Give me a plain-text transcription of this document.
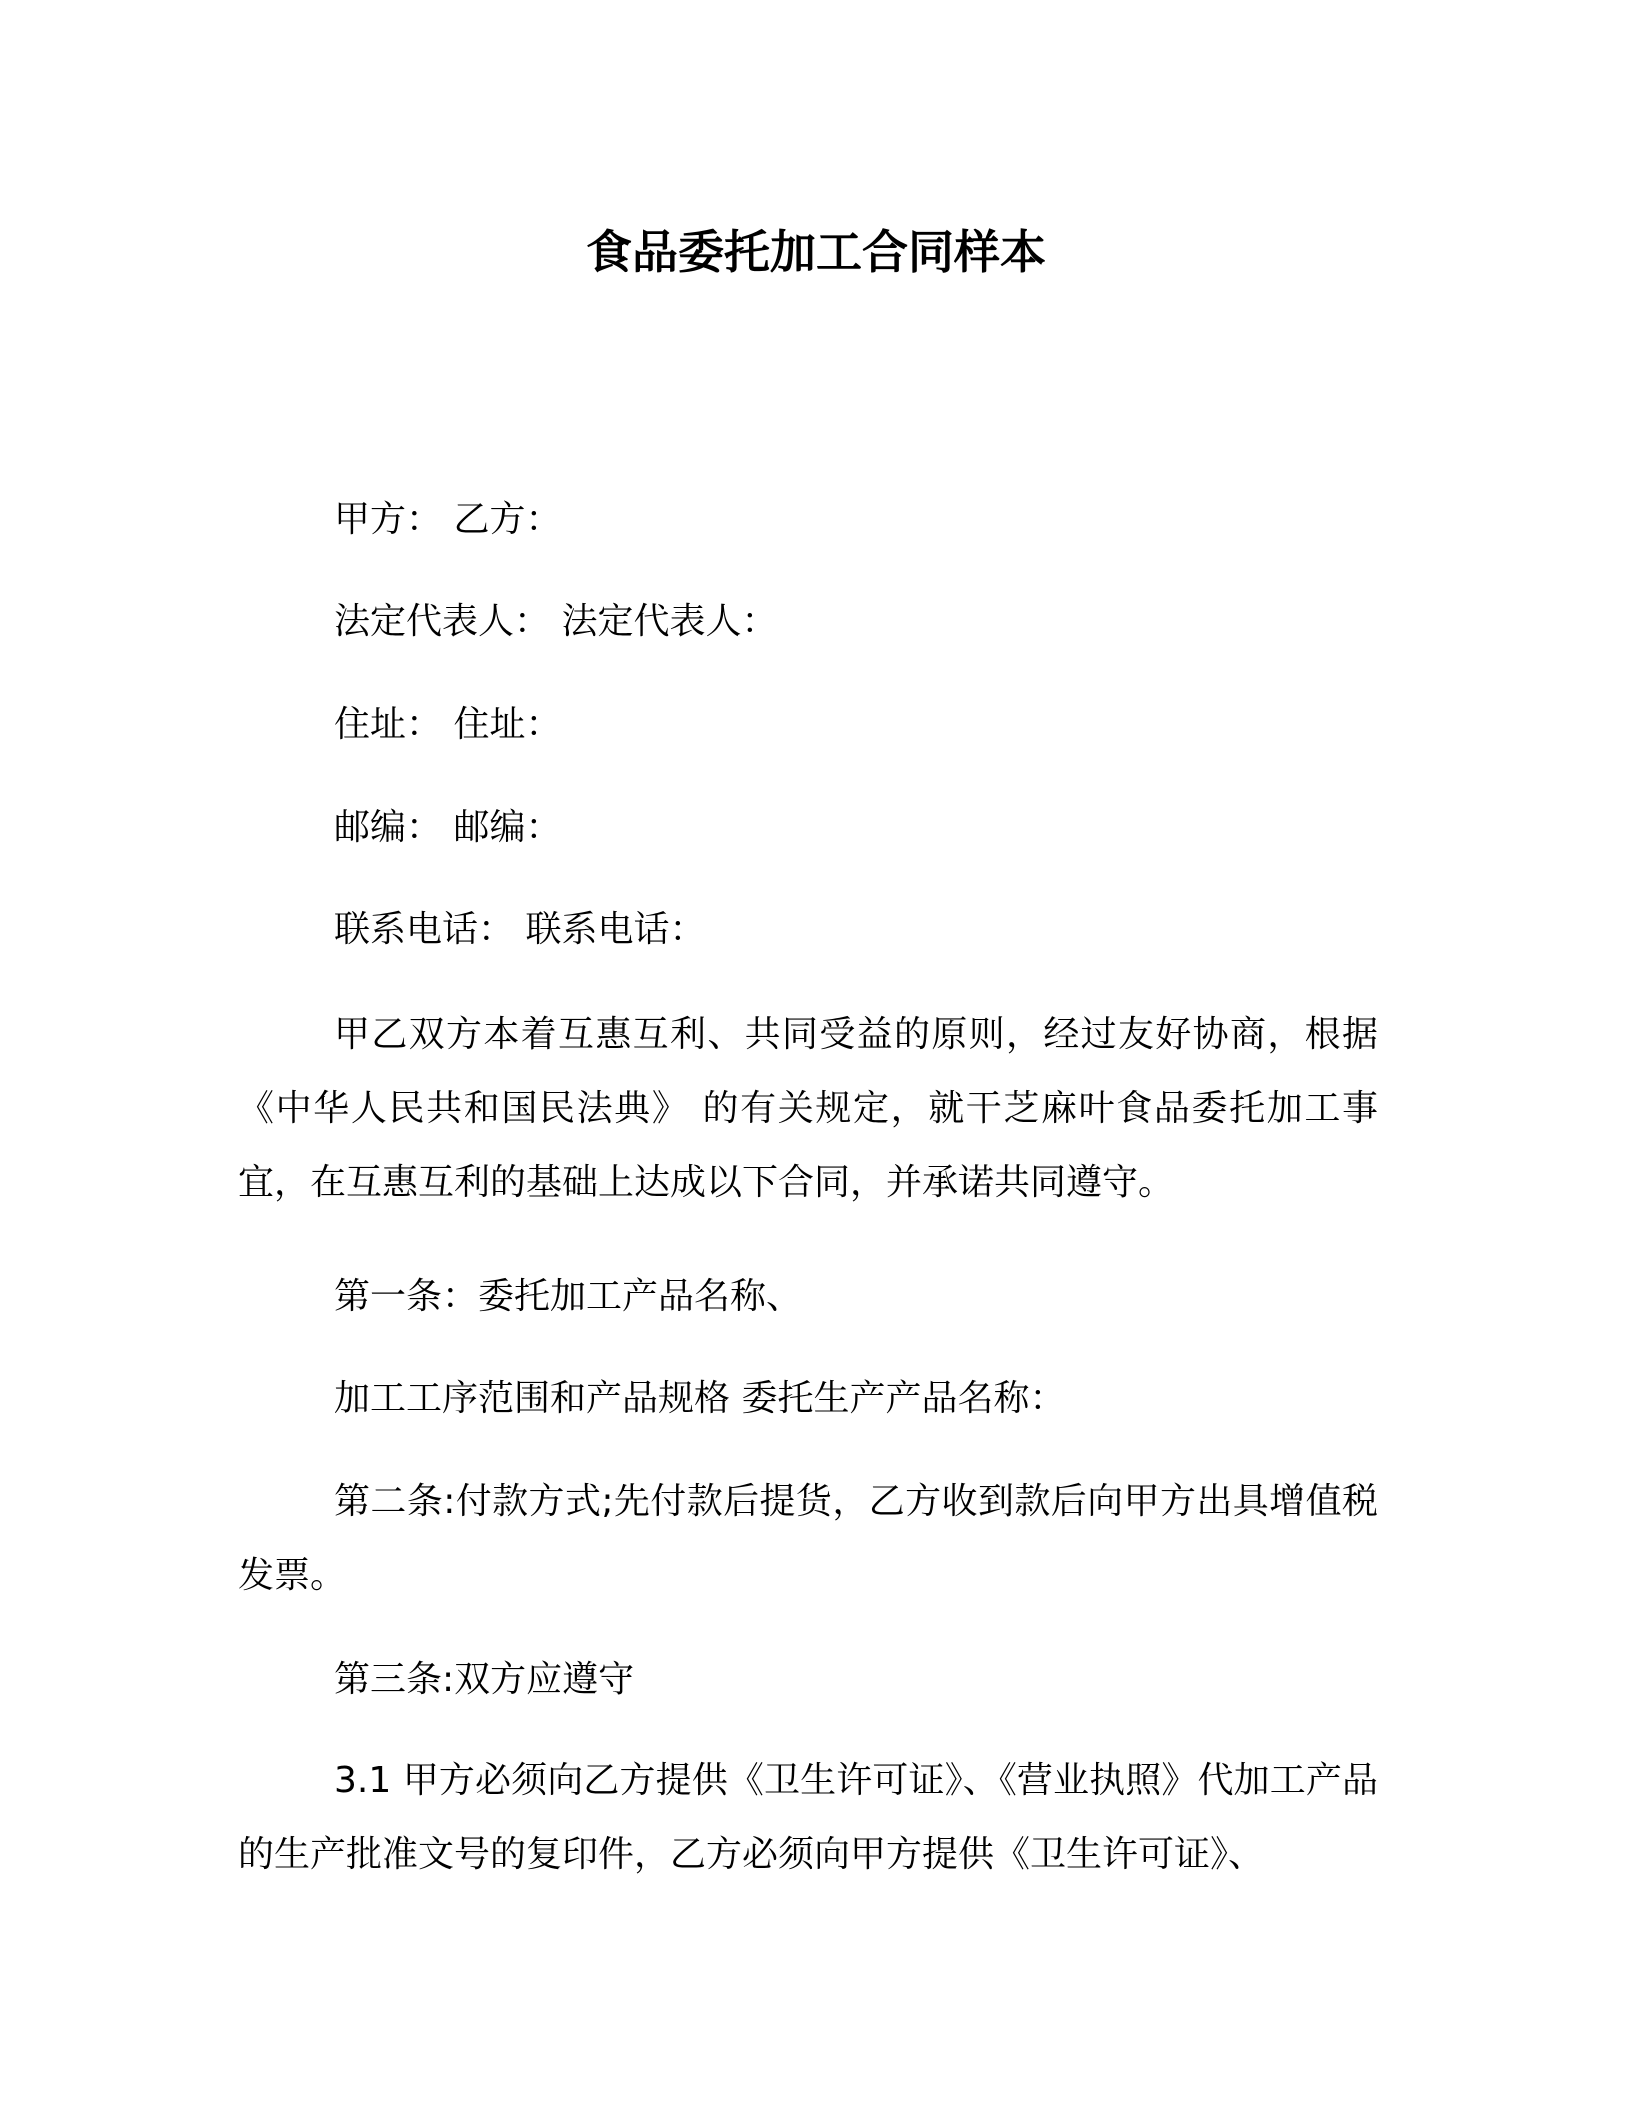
食品委托加工合同样本
甲方： 乙方：
法定代表人： 法定代表人：
住址： 住址：
邮编： 邮编：
联系电话： 联系电话：
甲乙双方本着互惠互利、共同受益的原则，经过友好协商，根据《中华人民共和国民法典》 的有关规定，就干芝麻叶食品委托加工事宜，在互惠互利的基础上达成以下合同，并承诺共同遵守。
第一条：委托加工产品名称、
加工工序范围和产品规格 委托生产产品名称：
第二条:付款方式;先付款后提货，乙方收到款后向甲方出具增值税发票。
第三条:双方应遵守
3.1 甲方必须向乙方提供《卫生许可证》、《营业执照》代加工产品的生产批准文号的复印件，乙方必须向甲方提供《卫生许可证》、
